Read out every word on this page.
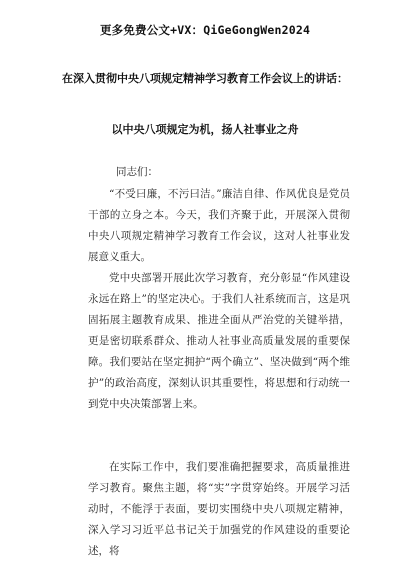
更多免费公文+VX：QiGeGongWen2024
在深入贯彻中央八项规定精神学习教育工作会议上的讲话：
以中央八项规定为机，扬人社事业之舟
同志们：

“不受曰廉，不污曰洁。”廉洁自律、作风优良是党员干部的立身之本。今天，我们齐聚于此，开展深入贯彻中央八项规定精神学习教育工作会议，这对人社事业发展意义重大。

党中央部署开展此次学习教育，充分彰显“作风建设永远在路上”的坚定决心。于我们人社系统而言，这是巩固拓展主题教育成果、推进全面从严治党的关键举措，更是密切联系群众、推动人社事业高质量发展的重要保障。我们要站在坚定拥护“两个确立”、坚决做到“两个维护”的政治高度，深刻认识其重要性，将思想和行动统一到党中央决策部署上来。

在实际工作中，我们要准确把握要求，高质量推进学习教育。聚焦主题，将“实”字贯穿始终。开展学习活动时，不能浮于表面，要切实围绕中央八项规定精神，深入学习习近平总书记关于加强党的作风建设的重要论述，将
